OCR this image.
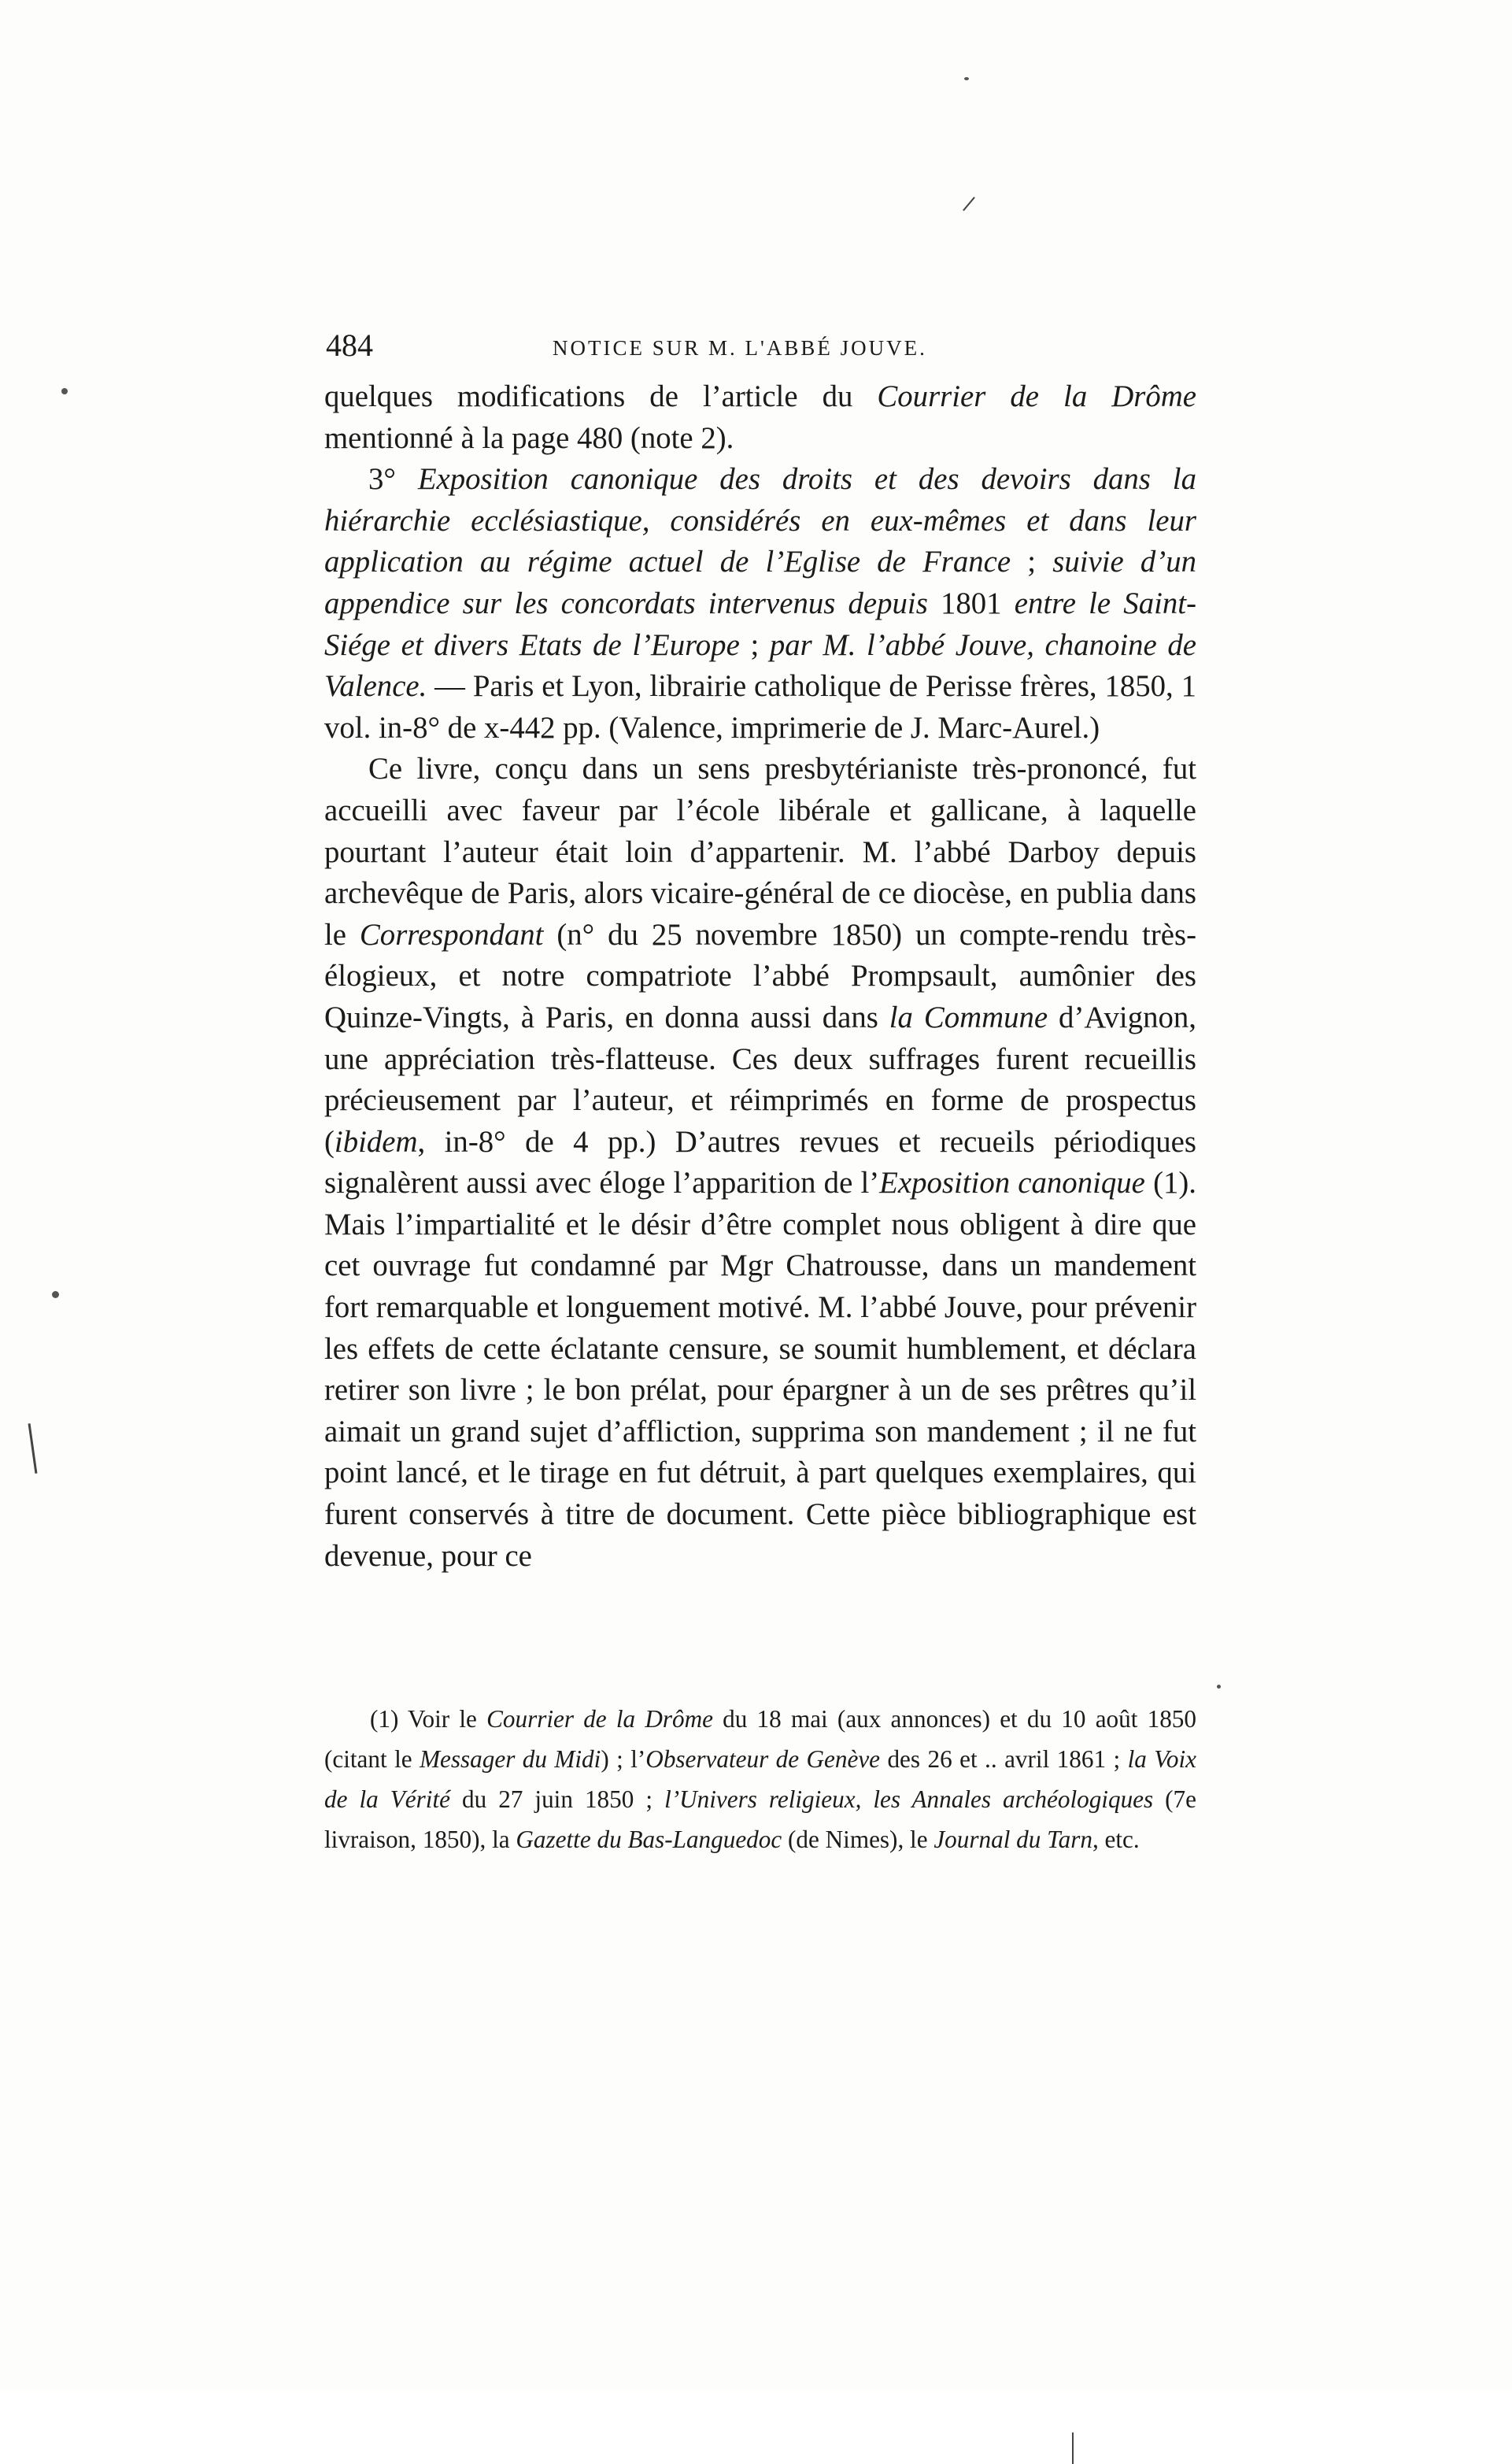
484	NOTICE SUR M. L'ABBÉ JOUVE.

quelques modifications de l’article du Courrier de la Drôme mentionné à la page 480 (note 2).

3° Exposition canonique des droits et des devoirs dans la hiérarchie ecclésiastique, considérés en eux-mêmes et dans leur application au régime actuel de l’Eglise de France ; suivie d’un appendice sur les concordats intervenus depuis 1801 entre le Saint-Siége et divers Etats de l’Europe ; par M. l’abbé Jouve, chanoine de Valence. — Paris et Lyon, librairie catholique de Perisse frères, 1850, 1 vol. in-8° de x-442 pp. (Valence, imprimerie de J. Marc-Aurel.)

Ce livre, conçu dans un sens presbytérianiste très-prononcé, fut accueilli avec faveur par l’école libérale et gallicane, à laquelle pourtant l’auteur était loin d’appartenir. M. l’abbé Darboy depuis archevêque de Paris, alors vicaire-général de ce diocèse, en publia dans le Correspondant (n° du 25 novembre 1850) un compte-rendu très-élogieux, et notre compatriote l’abbé Prompsault, aumônier des Quinze-Vingts, à Paris, en donna aussi dans la Commune d’Avignon, une appréciation très-flatteuse. Ces deux suffrages furent recueillis précieusement par l’auteur, et réimprimés en forme de prospectus (ibidem, in-8° de 4 pp.) D’autres revues et recueils périodiques signalèrent aussi avec éloge l’apparition de l’Exposition canonique (1). Mais l’impartialité et le désir d’être complet nous obligent à dire que cet ouvrage fut condamné par Mgr Chatrousse, dans un mandement fort remarquable et longuement motivé. M. l’abbé Jouve, pour prévenir les effets de cette éclatante censure, se soumit humblement, et déclara retirer son livre ; le bon prélat, pour épargner à un de ses prêtres qu’il aimait un grand sujet d’affliction, supprima son mandement ; il ne fut point lancé, et le tirage en fut détruit, à part quelques exemplaires, qui furent conservés à titre de document. Cette pièce bibliographique est devenue, pour ce

(1) Voir le Courrier de la Drôme du 18 mai (aux annonces) et du 10 août 1850 (citant le Messager du Midi) ; l’Observateur de Genève des 26 et .. avril 1861 ; la Voix de la Vérité du 27 juin 1850 ; l’Univers religieux, les Annales archéologiques (7e livraison, 1850), la Gazette du Bas-Languedoc (de Nimes), le Journal du Tarn, etc.
